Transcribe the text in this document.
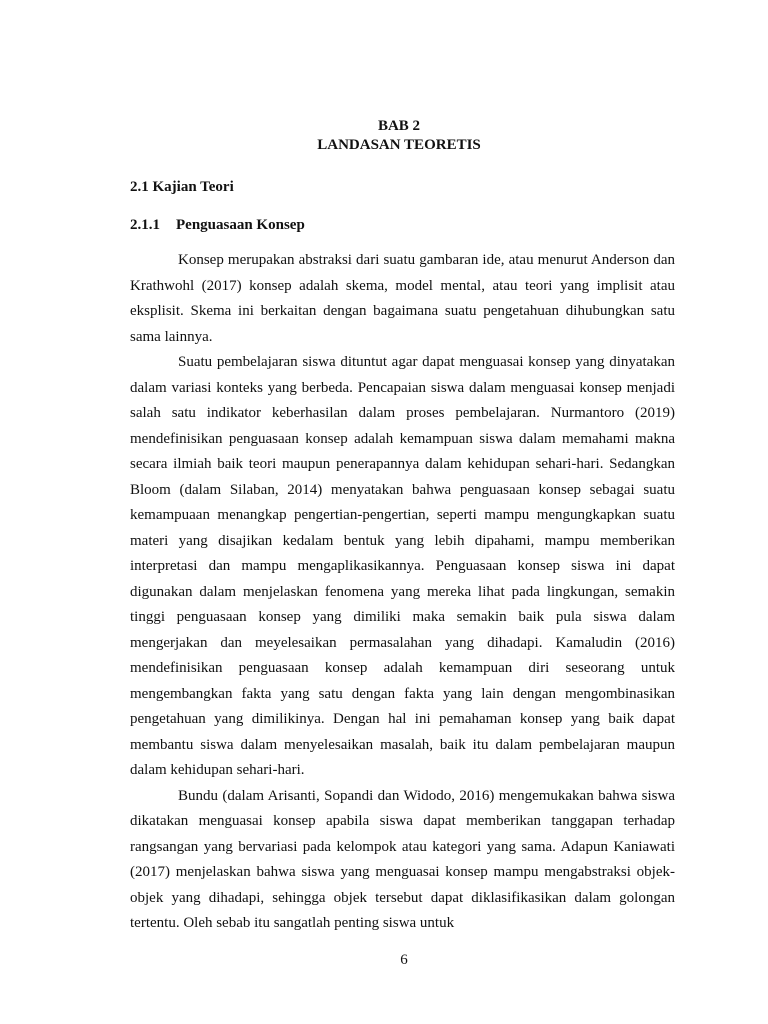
BAB 2
LANDASAN TEORETIS
2.1 Kajian Teori
2.1.1 Penguasaan Konsep

Konsep merupakan abstraksi dari suatu gambaran ide, atau menurut Anderson dan Krathwohl (2017) konsep adalah skema, model mental, atau teori yang implisit atau eksplisit. Skema ini berkaitan dengan bagaimana suatu pengetahuan dihubungkan satu sama lainnya.

Suatu pembelajaran siswa dituntut agar dapat menguasai konsep yang dinyatakan dalam variasi konteks yang berbeda. Pencapaian siswa dalam menguasai konsep menjadi salah satu indikator keberhasilan dalam proses pembelajaran. Nurmantoro (2019) mendefinisikan penguasaan konsep adalah kemampuan siswa dalam memahami makna secara ilmiah baik teori maupun penerapannya dalam kehidupan sehari-hari. Sedangkan Bloom (dalam Silaban, 2014) menyatakan bahwa penguasaan konsep sebagai suatu kemampuaan menangkap pengertian-pengertian, seperti mampu mengungkapkan suatu materi yang disajikan kedalam bentuk yang lebih dipahami, mampu memberikan interpretasi dan mampu mengaplikasikannya. Penguasaan konsep siswa ini dapat digunakan dalam menjelaskan fenomena yang mereka lihat pada lingkungan, semakin tinggi penguasaan konsep yang dimiliki maka semakin baik pula siswa dalam mengerjakan dan meyelesaikan permasalahan yang dihadapi. Kamaludin (2016) mendefinisikan penguasaan konsep adalah kemampuan diri seseorang untuk mengembangkan fakta yang satu dengan fakta yang lain dengan mengombinasikan pengetahuan yang dimilikinya. Dengan hal ini pemahaman konsep yang baik dapat membantu siswa dalam menyelesaikan masalah, baik itu dalam pembelajaran maupun dalam kehidupan sehari-hari.

Bundu (dalam Arisanti, Sopandi dan Widodo, 2016) mengemukakan bahwa siswa dikatakan menguasai konsep apabila siswa dapat memberikan tanggapan terhadap rangsangan yang bervariasi pada kelompok atau kategori yang sama. Adapun Kaniawati (2017) menjelaskan bahwa siswa yang menguasai konsep mampu mengabstraksi objek-objek yang dihadapi, sehingga objek tersebut dapat diklasifikasikan dalam golongan tertentu. Oleh sebab itu sangatlah penting siswa untuk

6
